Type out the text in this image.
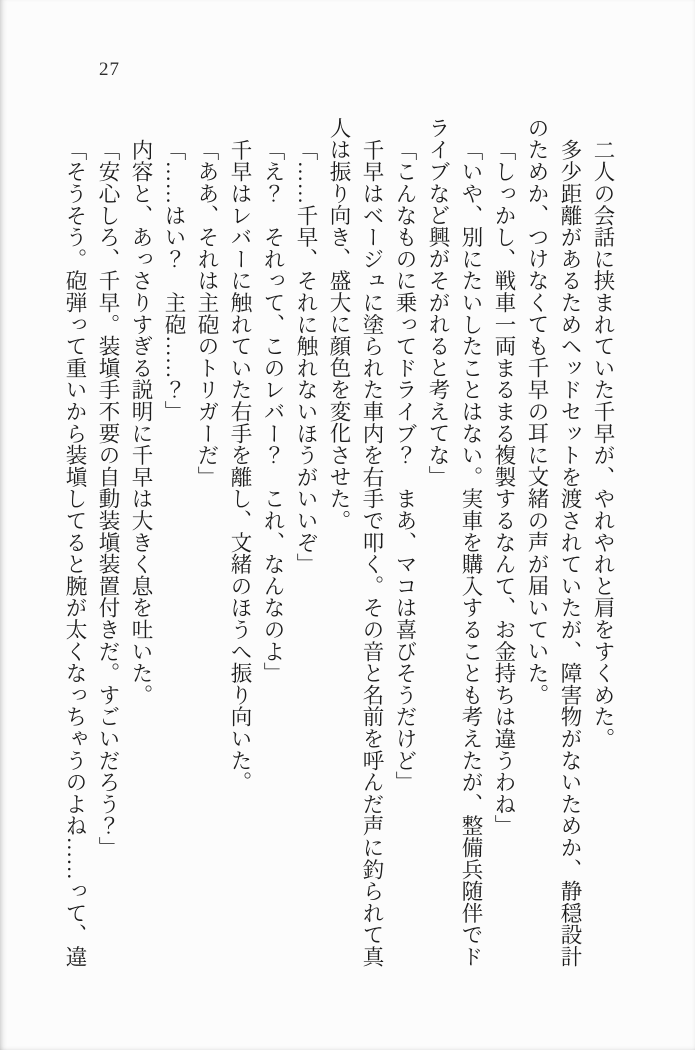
27

二人の会話に挟まれていた千早が、やれやれと肩をすくめた。

多少距離があるためヘッドセットを渡されていたが、障害物がないためか、静穏設計のためか、つけなくても千早の耳に文緒の声が届いていた。

「しっかし、戦車一両まるまる複製するなんて、お金持ちは違うわね」

「いや、別にたいしたことはない。実車を購入することも考えたが、整備兵随伴でドライブなど興がそがれると考えてな」

「こんなものに乗ってドライブ？　まあ、マコは喜びそうだけど」

千早はベージュに塗られた車内を右手で叩く。その音と名前を呼んだ声に釣られて真人は振り向き、盛大に顔色を変化させた。

「……千早、それに触れないほうがいいぞ」

「え？　それって、このレバー？　これ、なんなのよ」

千早はレバーに触れていた右手を離し、文緒のほうへ振り向いた。

「ああ、それは主砲のトリガーだ」

「……はい？　主砲……？」

内容と、あっさりすぎる説明に千早は大きく息を吐いた。

「安心しろ、千早。装塡手不要の自動装塡装置付きだ。すごいだろう？」

「そうそう。砲弾って重いから装塡してると腕が太くなっちゃうのよね……って、違
